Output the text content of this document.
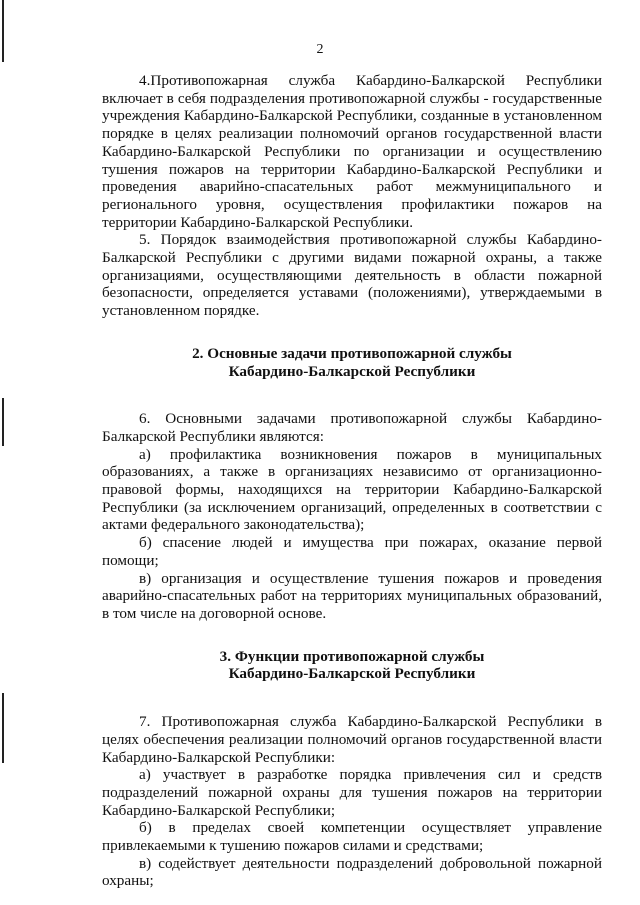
2

4.Противопожарная служба Кабардино-Балкарской Республики включает в себя подразделения противопожарной службы - государственные учреждения Кабардино-Балкарской Республики, созданные в установленном порядке в целях реализации полномочий органов государственной власти Кабардино-Балкарской Республики по организации и осуществлению тушения пожаров на территории Кабардино-Балкарской Республики и проведения аварийно-спасательных работ межмуниципального и регионального уровня, осуществления профилактики пожаров на территории Кабардино-Балкарской Республики.

5. Порядок взаимодействия противопожарной службы Кабардино-Балкарской Республики с другими видами пожарной охраны, а также организациями, осуществляющими деятельность в области пожарной безопасности, определяется уставами (положениями), утверждаемыми в установленном порядке.

2. Основные задачи противопожарной службы
Кабардино-Балкарской Республики

6. Основными задачами противопожарной службы Кабардино-Балкарской Республики являются:

а) профилактика возникновения пожаров в муниципальных образованиях, а также в организациях независимо от организационно-правовой формы, находящихся на территории Кабардино-Балкарской Республики (за исключением организаций, определенных в соответствии с актами федерального законодательства);

б) спасение людей и имущества при пожарах, оказание первой помощи;

в) организация и осуществление тушения пожаров и проведения аварийно-спасательных работ на территориях муниципальных образований, в том числе на договорной основе.

3. Функции противопожарной службы
Кабардино-Балкарской Республики

7. Противопожарная служба Кабардино-Балкарской Республики в целях обеспечения реализации полномочий органов государственной власти Кабардино-Балкарской Республики:

а) участвует в разработке порядка привлечения сил и средств подразделений пожарной охраны для тушения пожаров на территории Кабардино-Балкарской Республики;

б) в пределах своей компетенции осуществляет управление привлекаемыми к тушению пожаров силами и средствами;

в) содействует деятельности подразделений добровольной пожарной охраны;
